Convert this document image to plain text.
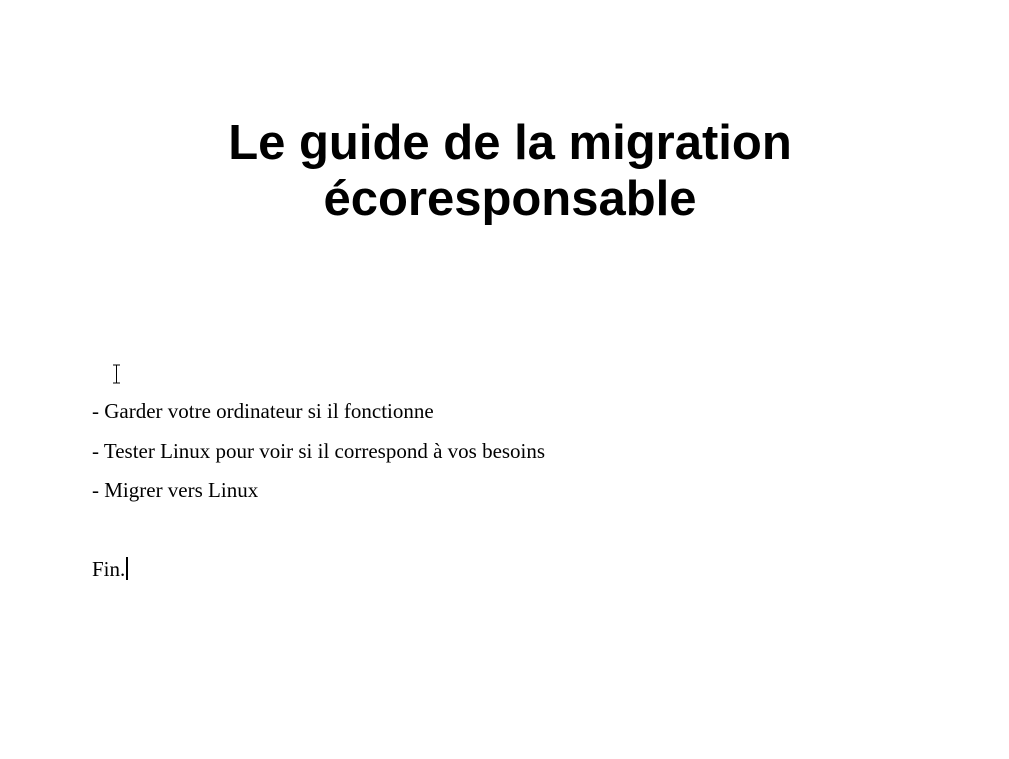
Le guide de la migration
écoresponsable
- Garder votre ordinateur si il fonctionne
- Tester Linux pour voir si il correspond à vos besoins
- Migrer vers Linux
Fin.
